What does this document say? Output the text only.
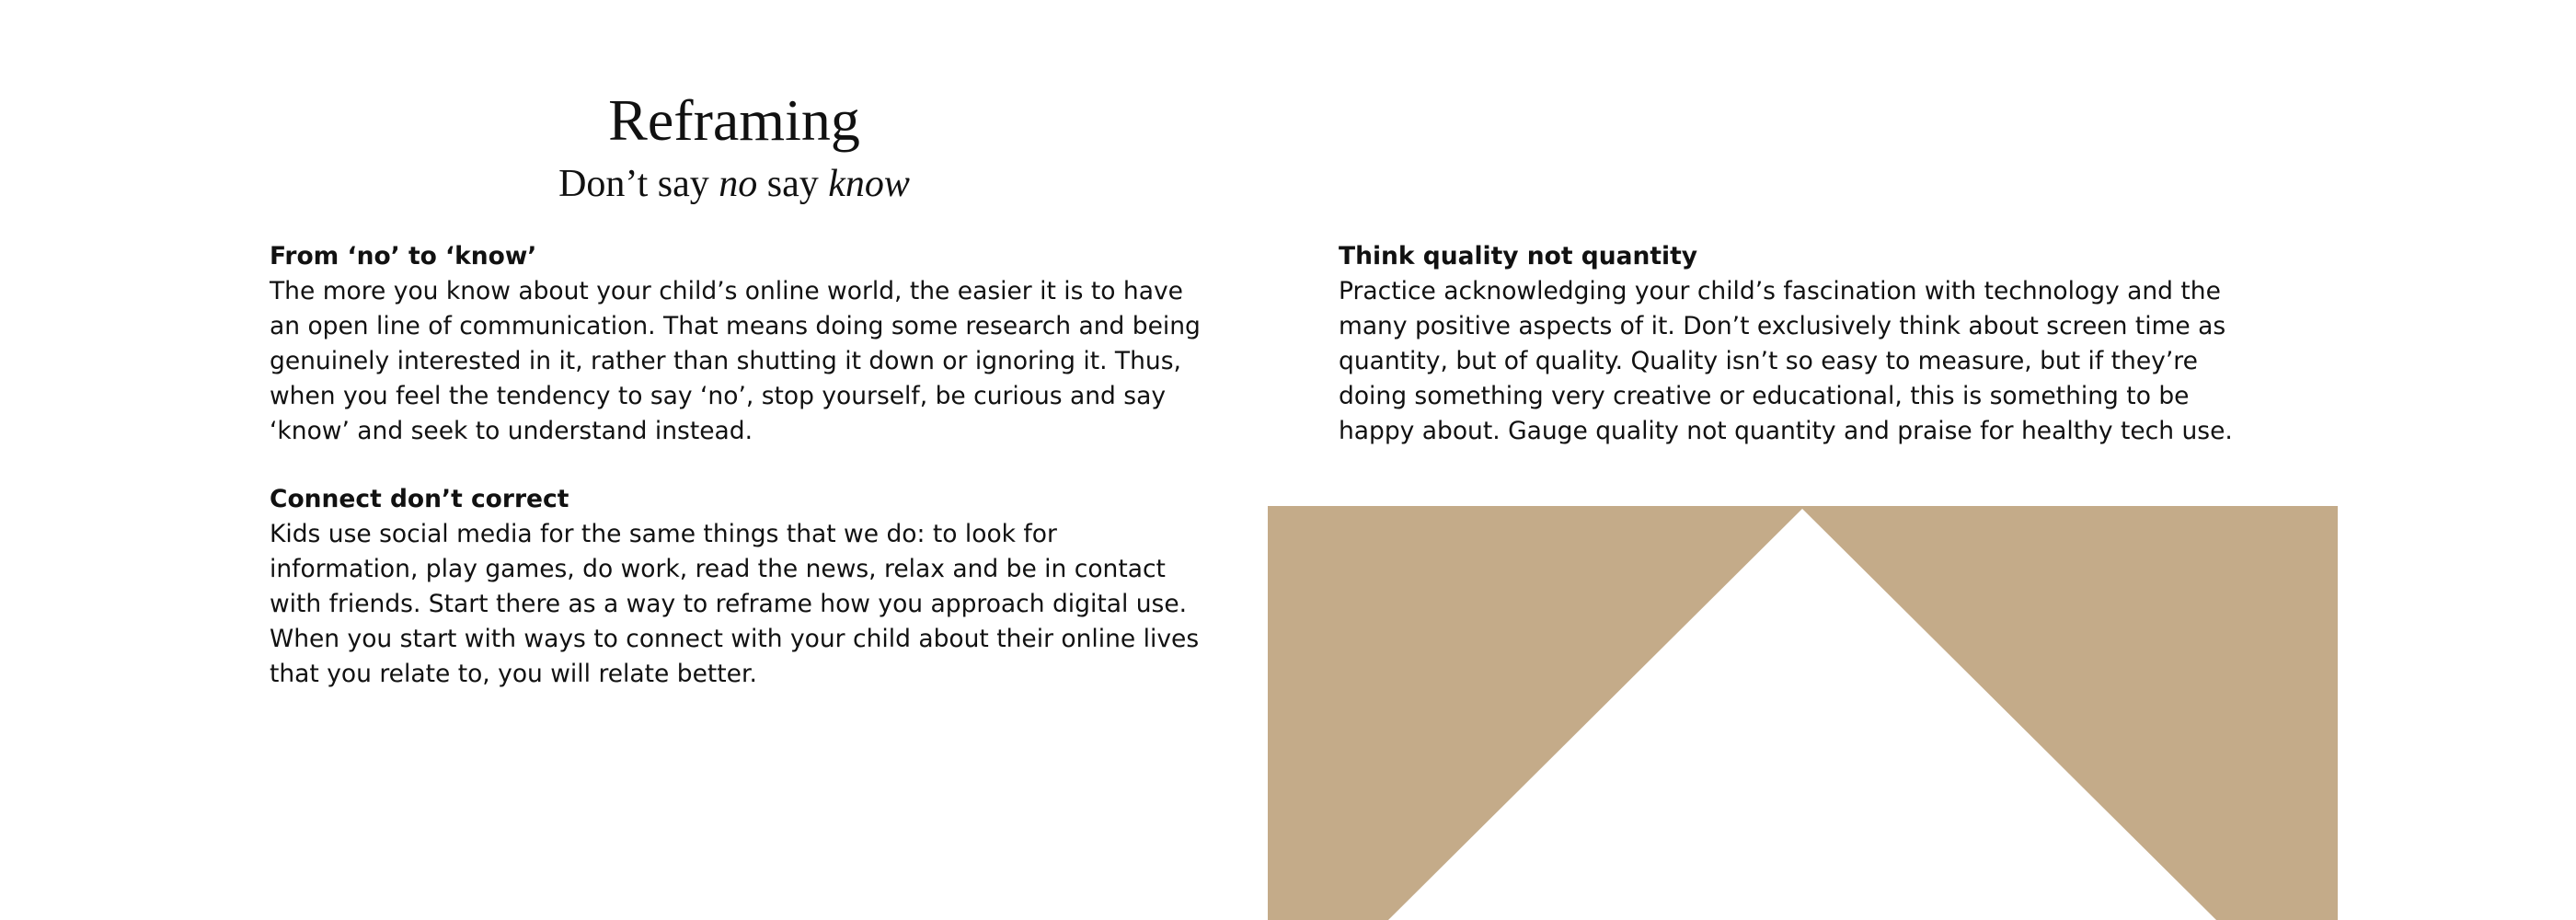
Reframing
Don’t say no say know

From ‘no’ to ‘know’

The more you know about your child’s online world, the easier it is to have an open line of communication. That means doing some research and being genuinely interested in it, rather than shutting it down or ignoring it. Thus, when you feel the tendency to say ‘no’, stop yourself, be curious and say ‘know’ and seek to understand instead.

Connect don’t correct

Kids use social media for the same things that we do: to look for information, play games, do work, read the news, relax and be in contact with friends. Start there as a way to reframe how you approach digital use. When you start with ways to connect with your child about their online lives that you relate to, you will relate better.

Think quality not quantity

Practice acknowledging your child’s fascination with technology and the many positive aspects of it. Don’t exclusively think about screen time as quantity, but of quality. Quality isn’t so easy to measure, but if they’re doing something very creative or educational, this is something to be happy about. Gauge quality not quantity and praise for healthy tech use.
